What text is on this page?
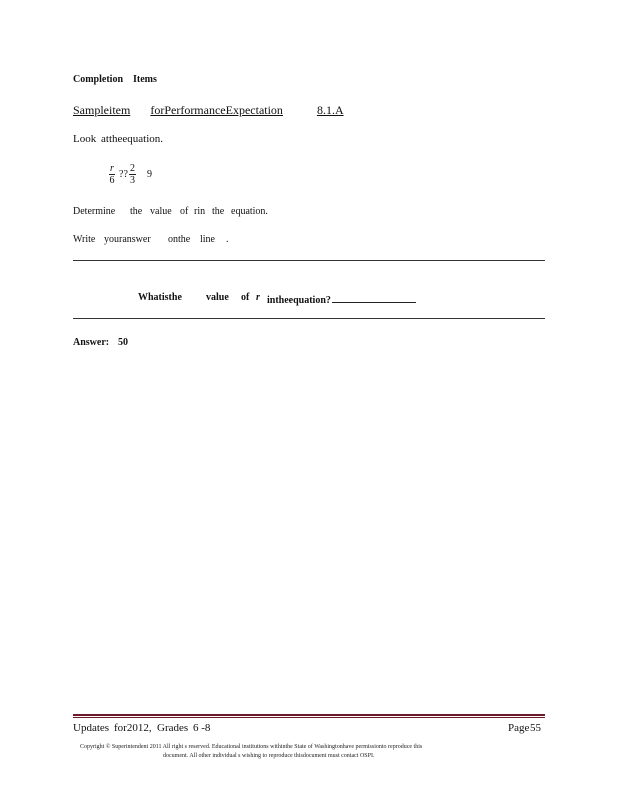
Completion Items
Sampleitem forPerformanceExpectation	8.1.A
Look attheequation.
$\frac{r}{6}$ ?? $\frac{2}{3} 9$
Determine the value of rin the equation.
Write youranswer onthe line .
Whatisthe value of r intheequation?
Answer: 50
Updates for2012, Grades 6 -8	Page 55
Copyright © Superintendent 2011 All right s reserved. Educational institutions withinthe State of Washingtonhave permissionto reproduce this
document. All other individual s wishing to reproduce thisdocument must contact OSPI.
